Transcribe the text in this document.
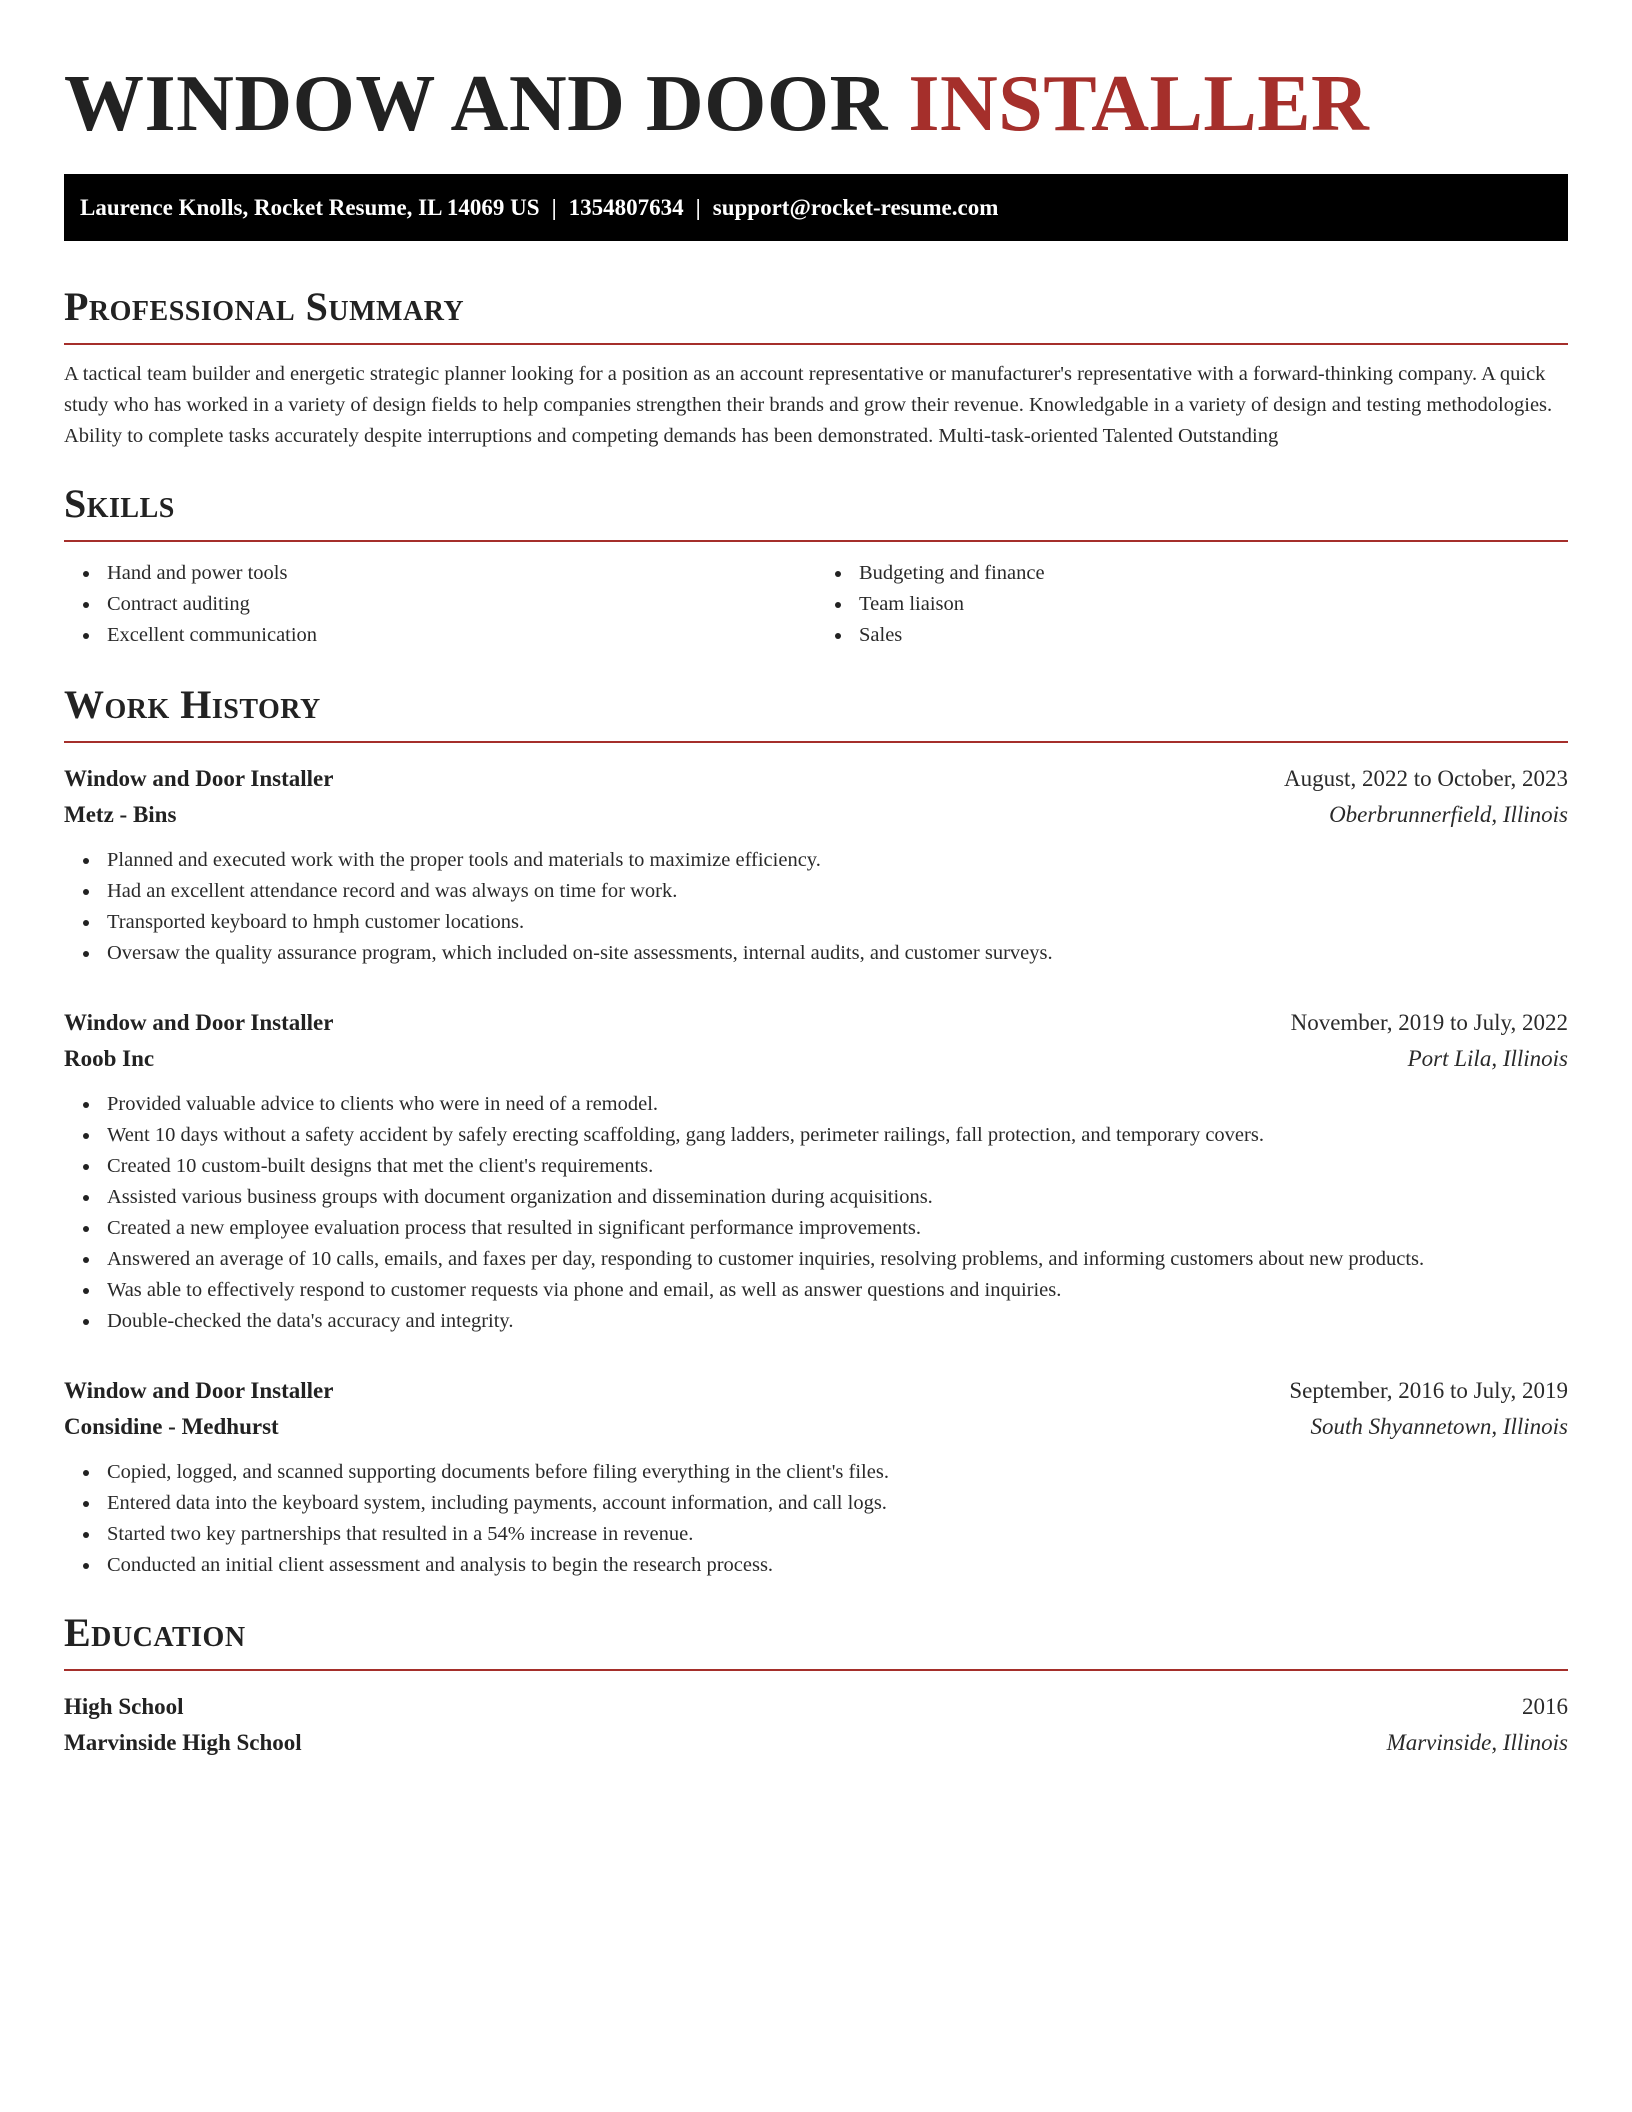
WINDOW AND DOOR INSTALLER
Laurence Knolls, Rocket Resume, IL 14069 US | 1354807634 | support@rocket-resume.com
Professional Summary

A tactical team builder and energetic strategic planner looking for a position as an account representative or manufacturer's representative with a forward-thinking company. A quick study who has worked in a variety of design fields to help companies strengthen their brands and grow their revenue. Knowledgable in a variety of design and testing methodologies. Ability to complete tasks accurately despite interruptions and competing demands has been demonstrated. Multi-task-oriented Talented Outstanding

Skills
Hand and power tools
Contract auditing
Excellent communication
Budgeting and finance
Team liaison
Sales
Work History
Window and Door Installer	August, 2022 to October, 2023
Metz - Bins	Oberbrunnerfield, Illinois
Planned and executed work with the proper tools and materials to maximize efficiency.
Had an excellent attendance record and was always on time for work.
Transported keyboard to hmph customer locations.
Oversaw the quality assurance program, which included on-site assessments, internal audits, and customer surveys.
Window and Door Installer	November, 2019 to July, 2022
Roob Inc	Port Lila, Illinois
Provided valuable advice to clients who were in need of a remodel.
Went 10 days without a safety accident by safely erecting scaffolding, gang ladders, perimeter railings, fall protection, and temporary covers.
Created 10 custom-built designs that met the client's requirements.
Assisted various business groups with document organization and dissemination during acquisitions.
Created a new employee evaluation process that resulted in significant performance improvements.
Answered an average of 10 calls, emails, and faxes per day, responding to customer inquiries, resolving problems, and informing customers about new products.
Was able to effectively respond to customer requests via phone and email, as well as answer questions and inquiries.
Double-checked the data's accuracy and integrity.
Window and Door Installer	September, 2016 to July, 2019
Considine - Medhurst	South Shyannetown, Illinois
Copied, logged, and scanned supporting documents before filing everything in the client's files.
Entered data into the keyboard system, including payments, account information, and call logs.
Started two key partnerships that resulted in a 54% increase in revenue.
Conducted an initial client assessment and analysis to begin the research process.
Education
High School	2016
Marvinside High School	Marvinside, Illinois
